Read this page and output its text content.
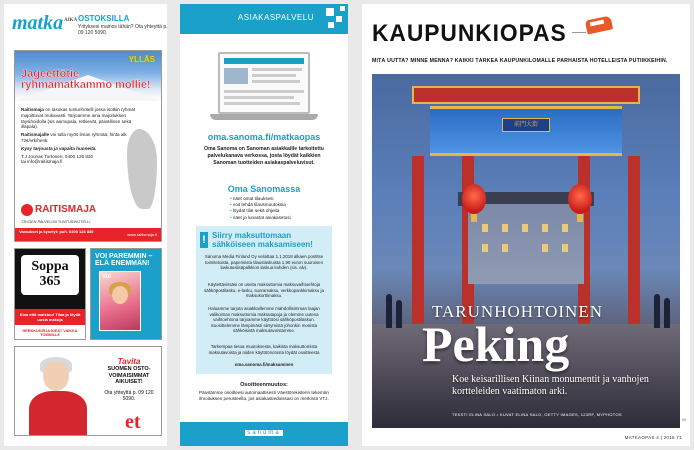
matka$^{AIKA}$ OSTOKSILLA
Yrityksesi mainos tähän? Ota yhteyttä p. 09 120 5090.
YLLÄS
Jageettötie ryhmämatkammo mollie!

Raitismaja on tasokas tunturihotelli jossa isotkin ryhmät majoittuvat mukavasti. Tarjoamme aina majoituksen täysihoidolla (sis aamupala, retkievät, päivällinen sekä illapala).

Raitismajalle voi tulla myös ilman ryhmää, hinta alk 72€/vrk/henk.

Kysy tarjousta ja vapaita huoneita.

T.J Joonas Turtonen, 0400 126 830

tai info@raitismaja.fi

RAITISMAJA
TÄYDEN PALVELUN TUNTURIHOTELLI
Varaukset ja kyselyt: puh. 0400 126 830
www.raitismaja.fi
Soppa 365
Kiva että maistuu! Tilaa ja löydä uusia makuja
HERKKUKIRJA IDEAT VAIKKA TOMMILLE
VOI PAREMMIN – ELÄ ENEMMÄN!
Voi
Tavita
SUOMEN OSTO-VOIMAISIMMAT AIKUISET!
Ota yhteyttä p. 09 120 5090.
et
ASIAKASPALVELU
oma.sanoma.fi/matkaopas
Oma Sanoma on Sanoman asiakkaille tarkoitettu palvelukanava verkossa, josta löydät kaikkien Sanoman tuotteiden asiakaspalveluvisut.
Oma Sanomassa
• näet omat tilauksesi
• voit tehdä tilausmuutoksia
• löydät tilat sekä ohjeita
• näet ja lunastat asiakasetusi
! Siirry maksuttomaan sähköiseen maksamiseen!
Sanoma Media Finland Oy veloittaa 1.1.2018 alkaen postitse toimitetuista, paperisista tilauslaskuista 1,90 euron suuruisen laskutuslisäpalkkion laskua kohden (sis. alv).
Käytettävissäsi on useita maksuttomia maksuvaihtoehtoja sähköpostilasku, e-lasku, suoramaksu, verkkopankkimaksu ja maksukorttimaksu.
Haluamme tarjota asiakkaillemme mahdollisimman laajan valikoiman maksuttomia maksutapoja ja olemme uutena vaihtoehtona tarjoamme käyttöösi sähköpostilaskun. Suosittelemme lämpimästi siirtymistä johonkin monista sähköisistä maksutavoistamme.
Tarkempaa tietoa muutoksesta, kaikista maksuttomista maksutavoista ja niiden käyttöönotosta löydät osoitteesta
oma.sanoma.fi/maksaminen
Osoitteenmuutos:
Päivitämme osoitteesi automaattisesti Väestörekisterin tekemän ilmoituksen perusteella, jos asiakastiedoissasi on merkintä VTJ.
sanoma
KAUPUNKIOPAS
MITÄ UUTTA? MINNE MENNÄ? KAIKKI TÄRKEÄ KAUPUNKILOMALLE PARHAISTA HOTELLEISTA PUTIIKKEIHIN.
前門大街
TARUNHOHTOINEN
Peking
Koe keisarillisen Kiinan monumentit ja vanhojen kortteleiden vaatimaton arki.
TEKSTI ELINA SALO • KUVAT ELINA SALO, GETTY IMAGES, 123RF, MYPHOTOS
69
MATKAOPAS 4 | 2018 71
